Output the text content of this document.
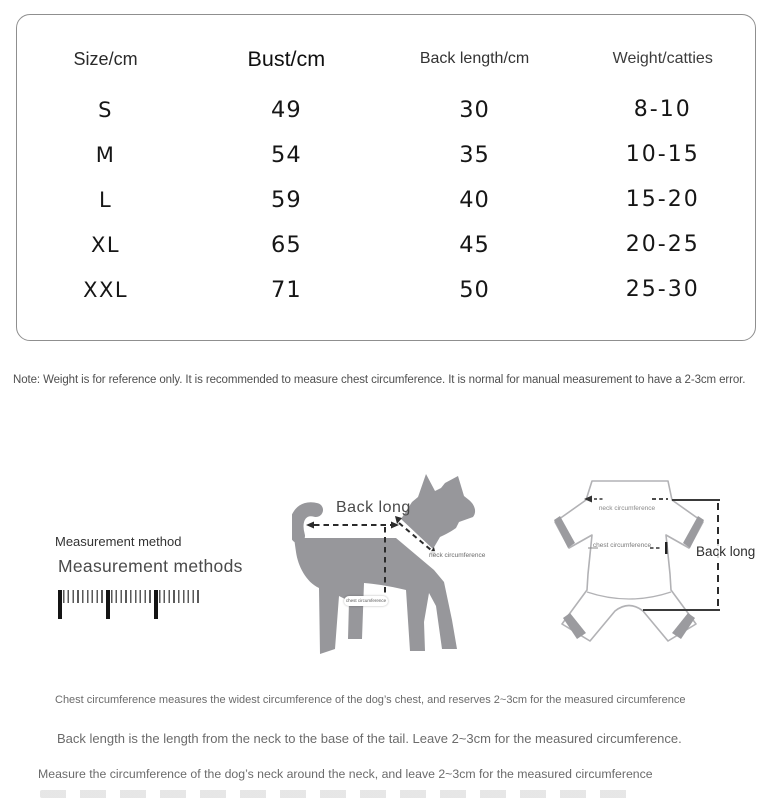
Size/cm	Bust/cm	Back length/cm	Weight/catties
S	49	30	8-10
M	54	35	10-15
L	59	40	15-20
XL	65	45	20-25
XXL	71	50	25-30
Note: Weight is for reference only. It is recommended to measure chest circumference. It is normal for manual measurement to have a 2-3cm error.
Measurement method
Measurement methods
Back long
neck circumference
chest circumference
neck circumference
chest circumference	Back long
Chest circumference measures the widest circumference of the dog’s chest, and reserves 2~3cm for the measured circumference
Back length is the length from the neck to the base of the tail. Leave 2~3cm for the measured circumference.
Measure the circumference of the dog’s neck around the neck, and leave 2~3cm for the measured circumference
